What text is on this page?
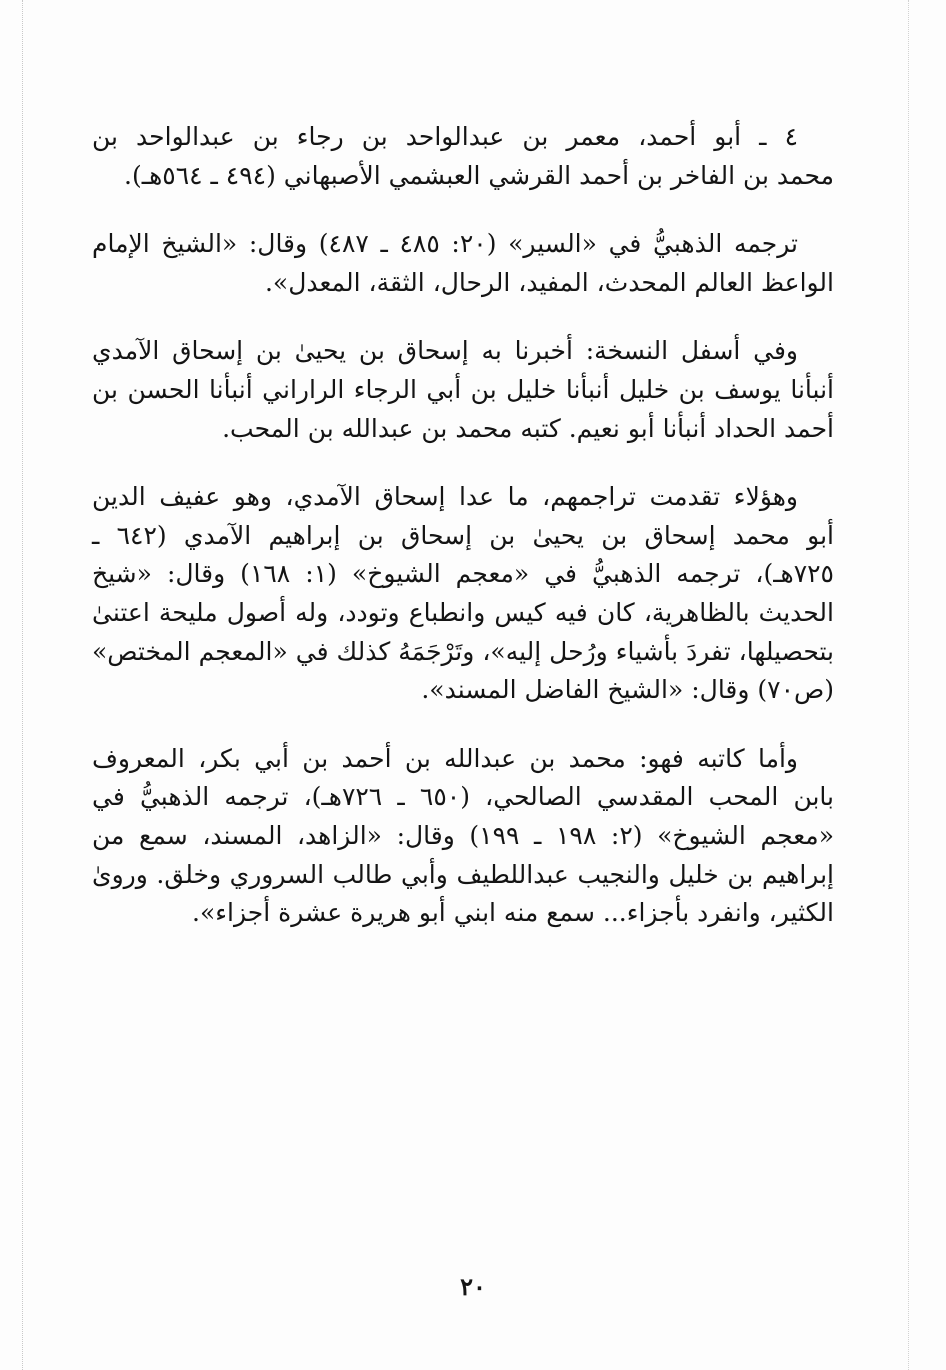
٤ ـ أبو أحمد، معمر بن عبدالواحد بن رجاء بن عبدالواحد بن
محمد بن الفاخر بن أحمد القرشي العبشمي الأصبهاني (٤٩٤ ـ ٥٦٤هـ).
ترجمه الذهبيُّ في «السير» (٢٠: ٤٨٥ ـ ٤٨٧) وقال: «الشيخ الإمام
الواعظ العالم المحدث، المفيد، الرحال، الثقة، المعدل».
وفي أسفل النسخة: أخبرنا به إسحاق بن يحيىٰ بن إسحاق الآمدي
أنبأنا يوسف بن خليل أنبأنا خليل بن أبي الرجاء الراراني أنبأنا الحسن بن
أحمد الحداد أنبأنا أبو نعيم. كتبه محمد بن عبدالله بن المحب.
وهؤلاء تقدمت تراجمهم، ما عدا إسحاق الآمدي، وهو عفيف الدين
أبو محمد إسحاق بن يحيىٰ بن إسحاق بن إبراهيم الآمدي (٦٤٢ ـ
٧٢٥هـ)، ترجمه الذهبيُّ في «معجم الشيوخ» (١: ١٦٨) وقال: «شيخ
الحديث بالظاهرية، كان فيه كيس وانطباع وتودد، وله أصول مليحة اعتنىٰ
بتحصيلها، تفردَ بأشياء ورُحل إليه»، وتَرْجَمَهُ كذلك في «المعجم المختص»
(ص٧٠) وقال: «الشيخ الفاضل المسند».
وأما كاتبه فهو: محمد بن عبدالله بن أحمد بن أبي بكر، المعروف
بابن المحب المقدسي الصالحي، (٦٥٠ ـ ٧٢٦هـ)، ترجمه الذهبيُّ في
«معجم الشيوخ» (٢: ١٩٨ ـ ١٩٩) وقال: «الزاهد، المسند، سمع من
إبراهيم بن خليل والنجيب عبداللطيف وأبي طالب السروري وخلق. وروىٰ
الكثير، وانفرد بأجزاء... سمع منه ابني أبو هريرة عشرة أجزاء».
٢٠
